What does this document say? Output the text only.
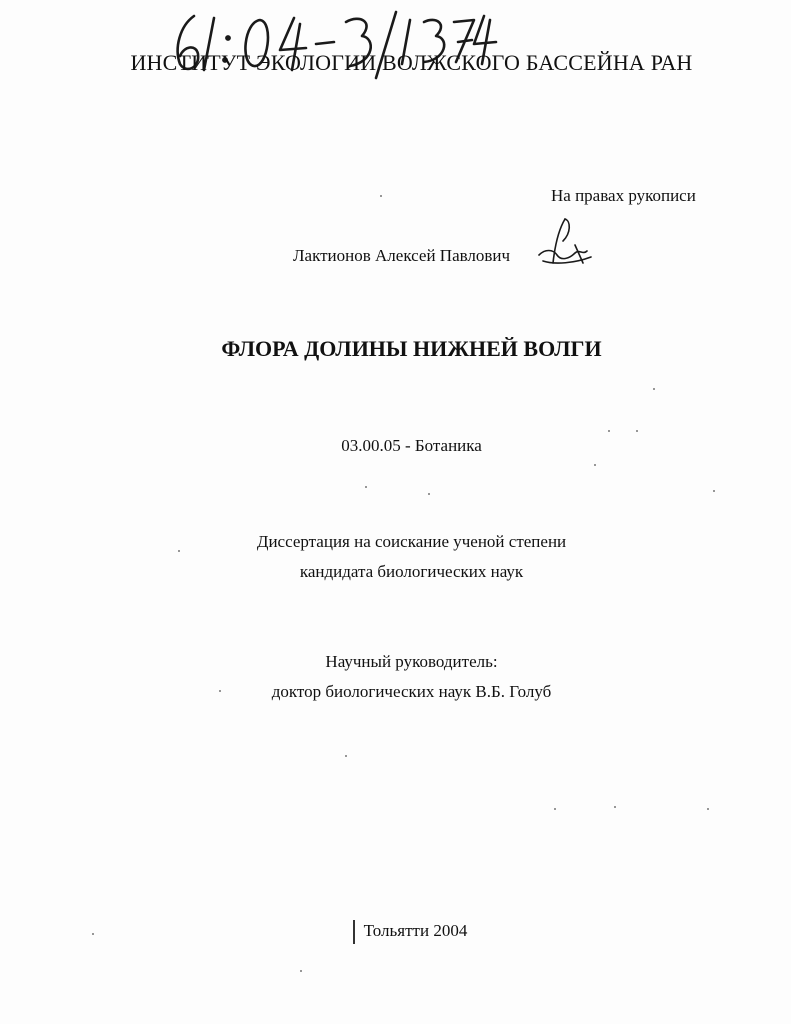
ИНСТИТУТ ЭКОЛОГИИ ВОЛЖСКОГО БАССЕЙНА РАН
На правах рукописи
Лактионов Алексей Павлович
ФЛОРА ДОЛИНЫ НИЖНЕЙ ВОЛГИ
03.00.05 - Ботаника
Диссертация на соискание ученой степени
кандидата биологических наук
Научный руководитель:
доктор биологических наук В.Б. Голуб
Тольятти 2004
